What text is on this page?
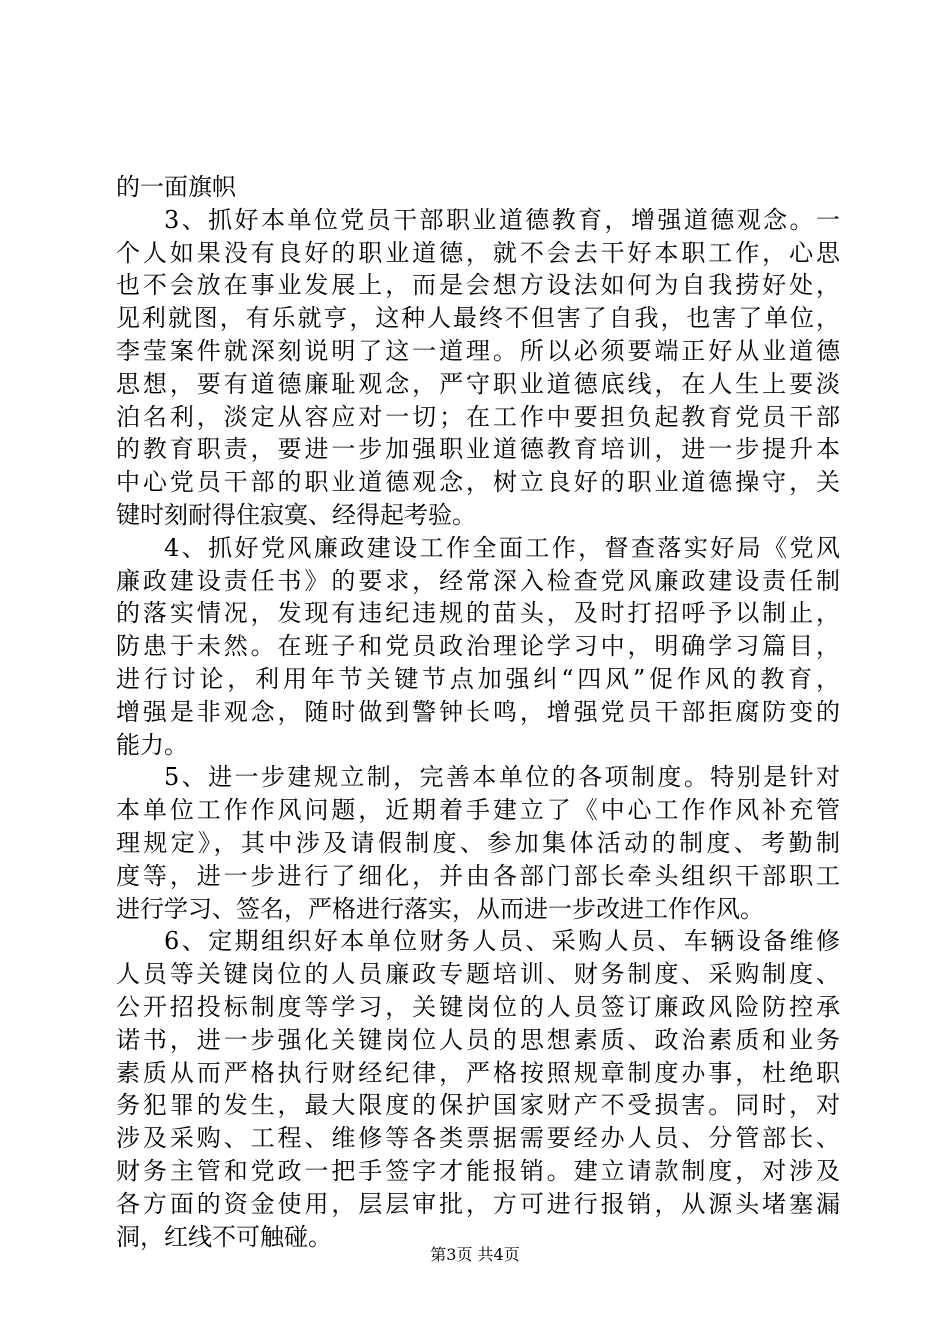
的一面旗帜
3、抓好本单位党员干部职业道德教育，增强道德观念。一
个人如果没有良好的职业道德，就不会去干好本职工作，心思
也不会放在事业发展上，而是会想方设法如何为自我捞好处，
见利就图，有乐就亨，这种人最终不但害了自我，也害了单位，
李莹案件就深刻说明了这一道理。所以必须要端正好从业道德
思想，要有道德廉耻观念，严守职业道德底线，在人生上要淡
泊名利，淡定从容应对一切；在工作中要担负起教育党员干部
的教育职责，要进一步加强职业道德教育培训，进一步提升本
中心党员干部的职业道德观念，树立良好的职业道德操守，关
键时刻耐得住寂寞、经得起考验。
4、抓好党风廉政建设工作全面工作，督查落实好局《党风
廉政建设责任书》的要求，经常深入检查党风廉政建设责任制
的落实情况，发现有违纪违规的苗头，及时打招呼予以制止，
防患于未然。在班子和党员政治理论学习中，明确学习篇目，
进行讨论，利用年节关键节点加强纠“四风”促作风的教育，
增强是非观念，随时做到警钟长鸣，增强党员干部拒腐防变的
能力。
5、进一步建规立制，完善本单位的各项制度。特别是针对
本单位工作作风问题，近期着手建立了《中心工作作风补充管
理规定》，其中涉及请假制度、参加集体活动的制度、考勤制
度等，进一步进行了细化，并由各部门部长牵头组织干部职工
进行学习、签名，严格进行落实，从而进一步改进工作作风。
6、定期组织好本单位财务人员、采购人员、车辆设备维修
人员等关键岗位的人员廉政专题培训、财务制度、采购制度、
公开招投标制度等学习，关键岗位的人员签订廉政风险防控承
诺书，进一步强化关键岗位人员的思想素质、政治素质和业务
素质从而严格执行财经纪律，严格按照规章制度办事，杜绝职
务犯罪的发生，最大限度的保护国家财产不受损害。同时，对
涉及采购、工程、维修等各类票据需要经办人员、分管部长、
财务主管和党政一把手签字才能报销。建立请款制度，对涉及
各方面的资金使用，层层审批，方可进行报销，从源头堵塞漏
洞，红线不可触碰。
第3页 共4页
